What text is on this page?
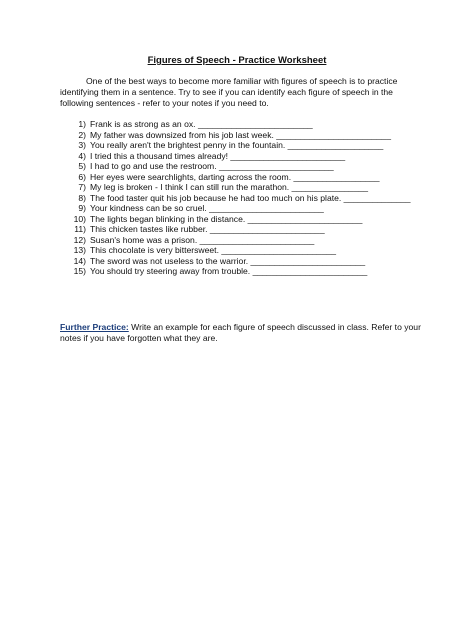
Figures of Speech - Practice Worksheet
One of the best ways to become more familiar with figures of speech is to practice identifying them in a sentence. Try to see if you can identify each figure of speech in the following sentences - refer to your notes if you need to.
1) Frank is as strong as an ox. ________________________
2) My father was downsized from his job last week. ________________________
3) You really aren't the brightest penny in the fountain. ____________________
4) I tried this a thousand times already! ________________________
5) I had to go and use the restroom. ________________________
6) Her eyes were searchlights, darting across the room. __________________
7) My leg is broken - I think I can still run the marathon. ________________
8) The food taster quit his job because he had too much on his plate. ______________
9) Your kindness can be so cruel. ________________________
10) The lights began blinking in the distance. ________________________
11) This chicken tastes like rubber. ________________________
12) Susan's home was a prison. ________________________
13) This chocolate is very bittersweet. ________________________
14) The sword was not useless to the warrior. ________________________
15) You should try steering away from trouble. ________________________
Further Practice: Write an example for each figure of speech discussed in class. Refer to your notes if you have forgotten what they are.
